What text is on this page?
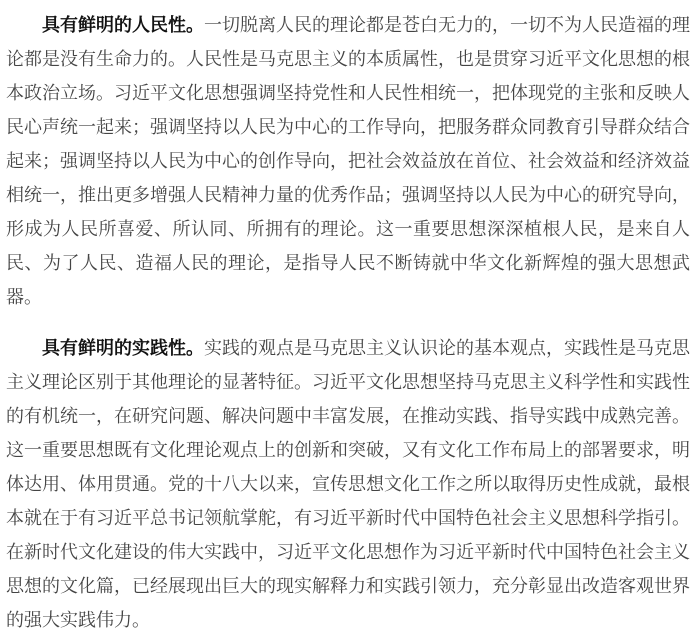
具有鲜明的人民性。一切脱离人民的理论都是苍白无力的，一切不为人民造福的理论都是没有生命力的。人民性是马克思主义的本质属性，也是贯穿习近平文化思想的根本政治立场。习近平文化思想强调坚持党性和人民性相统一，把体现党的主张和反映人民心声统一起来；强调坚持以人民为中心的工作导向，把服务群众同教育引导群众结合起来；强调坚持以人民为中心的创作导向，把社会效益放在首位、社会效益和经济效益相统一，推出更多增强人民精神力量的优秀作品；强调坚持以人民为中心的研究导向，形成为人民所喜爱、所认同、所拥有的理论。这一重要思想深深植根人民，是来自人民、为了人民、造福人民的理论，是指导人民不断铸就中华文化新辉煌的强大思想武器。

具有鲜明的实践性。实践的观点是马克思主义认识论的基本观点，实践性是马克思主义理论区别于其他理论的显著特征。习近平文化思想坚持马克思主义科学性和实践性的有机统一，在研究问题、解决问题中丰富发展，在推动实践、指导实践中成熟完善。这一重要思想既有文化理论观点上的创新和突破，又有文化工作布局上的部署要求，明体达用、体用贯通。党的十八大以来，宣传思想文化工作之所以取得历史性成就，最根本就在于有习近平总书记领航掌舵，有习近平新时代中国特色社会主义思想科学指引。在新时代文化建设的伟大实践中，习近平文化思想作为习近平新时代中国特色社会主义思想的文化篇，已经展现出巨大的现实解释力和实践引领力，充分彰显出改造客观世界的强大实践伟力。
